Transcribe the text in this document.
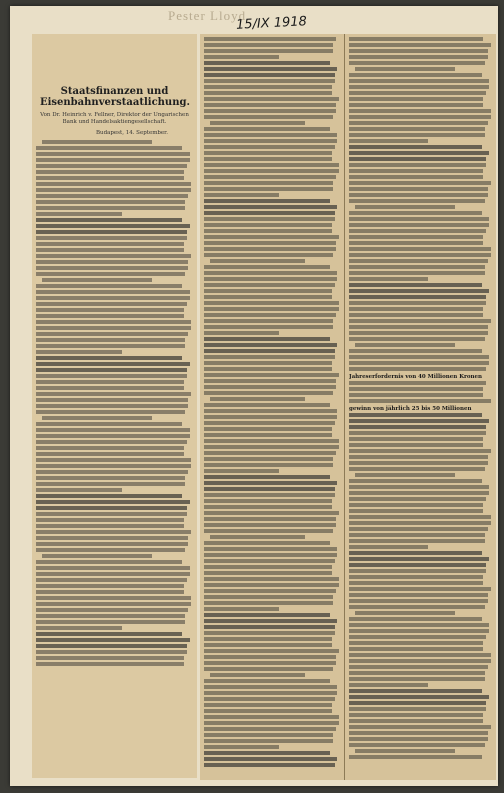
Pester Lloyd
15/IX 1918
Staatsfinanzen und Eisenbahnverstaatlichung.
Von Dr. Heinrich v. Fellner, Direktor der Ungarischen Bank und Handelsaktiengesellschaft.
Budapest, 14. September.
Jahreserfordernis von 40 Millionen Kronen
gewinn von jährlich 25 bis 50 Millionen
